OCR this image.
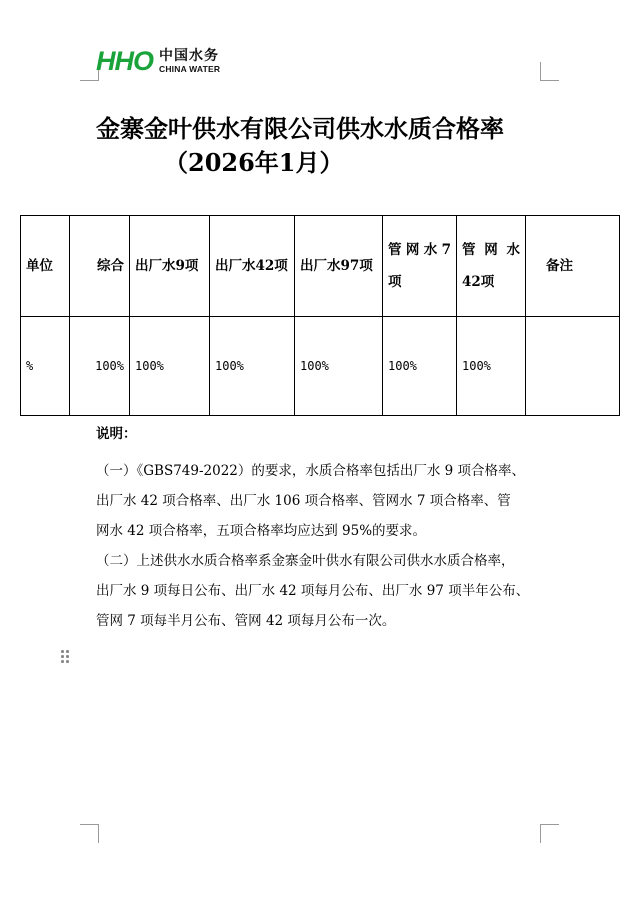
HHO 中国水务
CHINA WATER
金寨金叶供水有限公司供水水质合格率
（2026年1月）
单位	综合	出厂水9项	出厂水42项	出厂水97项	管网水7项	管网水42项	备注
%	100%	100%	100%	100%	100%	100%	
说明：
（一）《GBS749-2022）的要求，水质合格率包括出厂水 9 项合格率、
出厂水 42 项合格率、出厂水 106 项合格率、管网水 7 项合格率、管
网水 42 项合格率，五项合格率均应达到 95%的要求。
（二）上述供水水质合格率系金寨金叶供水有限公司供水水质合格率，
出厂水 9 项每日公布、出厂水 42 项每月公布、出厂水 97 项半年公布、
管网 7 项每半月公布、管网 42 项每月公布一次。
